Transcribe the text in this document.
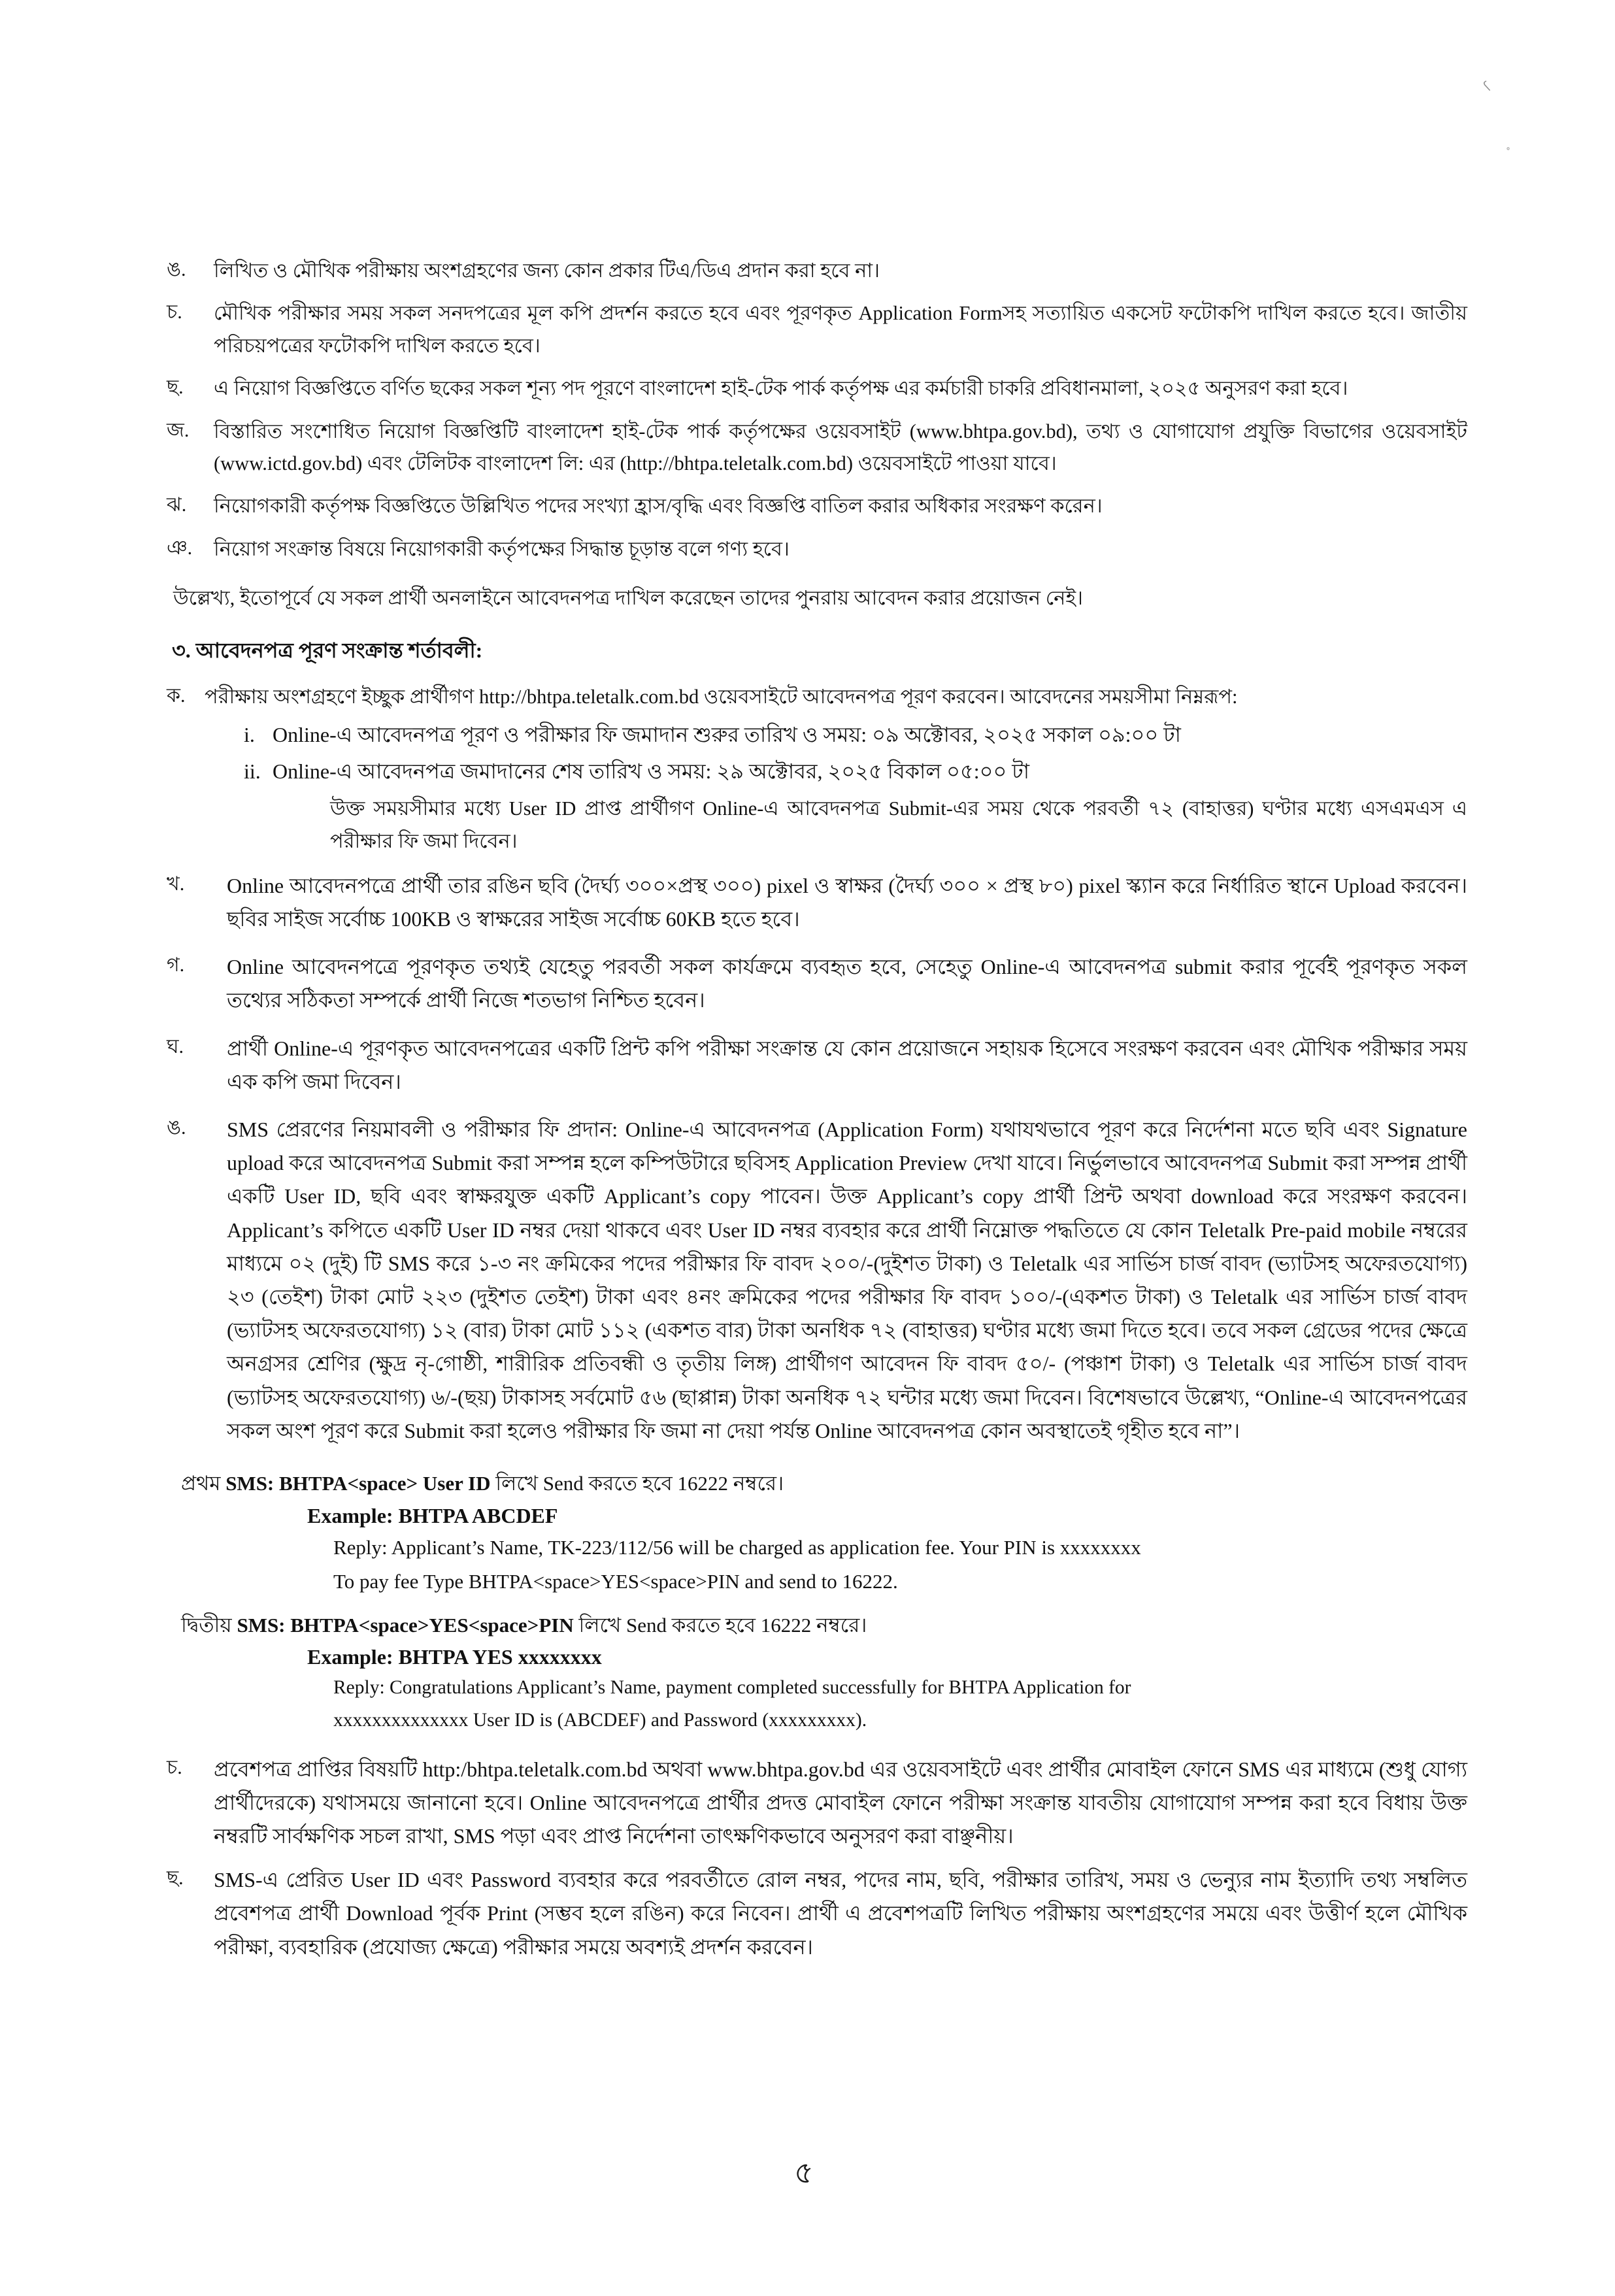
৻
৽
ঙ.	লিখিত ও মৌখিক পরীক্ষায় অংশগ্রহণের জন্য কোন প্রকার টিএ/ডিএ প্রদান করা হবে না।
চ.	মৌখিক পরীক্ষার সময় সকল সনদপত্রের মূল কপি প্রদর্শন করতে হবে এবং পূরণকৃত Application Formসহ সত্যায়িত একসেট ফটোকপি দাখিল করতে হবে। জাতীয় পরিচয়পত্রের ফটোকপি দাখিল করতে হবে।
ছ.	এ নিয়োগ বিজ্ঞপ্তিতে বর্ণিত ছকের সকল শূন্য পদ পূরণে বাংলাদেশ হাই-টেক পার্ক কর্তৃপক্ষ এর কর্মচারী চাকরি প্রবিধানমালা, ২০২৫ অনুসরণ করা হবে।
জ.	বিস্তারিত সংশোধিত নিয়োগ বিজ্ঞপ্তিটি বাংলাদেশ হাই-টেক পার্ক কর্তৃপক্ষের ওয়েবসাইট (www.bhtpa.gov.bd), তথ্য ও যোগাযোগ প্রযুক্তি বিভাগের ওয়েবসাইট (www.ictd.gov.bd) এবং টেলিটক বাংলাদেশ লি: এর (http://bhtpa.teletalk.com.bd) ওয়েবসাইটে পাওয়া যাবে।
ঝ.	নিয়োগকারী কর্তৃপক্ষ বিজ্ঞপ্তিতে উল্লিখিত পদের সংখ্যা হ্রাস/বৃদ্ধি এবং বিজ্ঞপ্তি বাতিল করার অধিকার সংরক্ষণ করেন।
ঞ.	নিয়োগ সংক্রান্ত বিষয়ে নিয়োগকারী কর্তৃপক্ষের সিদ্ধান্ত চূড়ান্ত বলে গণ্য হবে।
উল্লেখ্য, ইতোপূর্বে যে সকল প্রার্থী অনলাইনে আবেদনপত্র দাখিল করেছেন তাদের পুনরায় আবেদন করার প্রয়োজন নেই।
৩. আবেদনপত্র পূরণ সংক্রান্ত শর্তাবলী:
ক. পরীক্ষায় অংশগ্রহণে ইচ্ছুক প্রার্থীগণ http://bhtpa.teletalk.com.bd ওয়েবসাইটে আবেদনপত্র পূরণ করবেন। আবেদনের সময়সীমা নিম্নরূপ:
i. Online-এ আবেদনপত্র পূরণ ও পরীক্ষার ফি জমাদান শুরুর তারিখ ও সময়: ০৯ অক্টোবর, ২০২৫ সকাল ০৯:০০ টা
ii. Online-এ আবেদনপত্র জমাদানের শেষ তারিখ ও সময়: ২৯ অক্টোবর, ২০২৫ বিকাল ০৫:০০ টা
উক্ত সময়সীমার মধ্যে User ID প্রাপ্ত প্রার্থীগণ Online-এ আবেদনপত্র Submit-এর সময় থেকে পরবর্তী ৭২ (বাহাত্তর) ঘণ্টার মধ্যে এসএমএস এ পরীক্ষার ফি জমা দিবেন।
খ.	Online আবেদনপত্রে প্রার্থী তার রঙিন ছবি (দৈর্ঘ্য ৩০০×প্রস্থ ৩০০) pixel ও স্বাক্ষর (দৈর্ঘ্য ৩০০ × প্রস্থ ৮০) pixel স্ক্যান করে নির্ধারিত স্থানে Upload করবেন। ছবির সাইজ সর্বোচ্চ 100KB ও স্বাক্ষরের সাইজ সর্বোচ্চ 60KB হতে হবে।
গ.	Online আবেদনপত্রে পূরণকৃত তথ্যই যেহেতু পরবর্তী সকল কার্যক্রমে ব্যবহৃত হবে, সেহেতু Online-এ আবেদনপত্র submit করার পূর্বেই পূরণকৃত সকল তথ্যের সঠিকতা সম্পর্কে প্রার্থী নিজে শতভাগ নিশ্চিত হবেন।
ঘ.	প্রার্থী Online-এ পূরণকৃত আবেদনপত্রের একটি প্রিন্ট কপি পরীক্ষা সংক্রান্ত যে কোন প্রয়োজনে সহায়ক হিসেবে সংরক্ষণ করবেন এবং মৌখিক পরীক্ষার সময় এক কপি জমা দিবেন।
ঙ.	SMS প্রেরণের নিয়মাবলী ও পরীক্ষার ফি প্রদান: Online-এ আবেদনপত্র (Application Form) যথাযথভাবে পূরণ করে নির্দেশনা মতে ছবি এবং Signature upload করে আবেদনপত্র Submit করা সম্পন্ন হলে কম্পিউটারে ছবিসহ Application Preview দেখা যাবে। নির্ভুলভাবে আবেদনপত্র Submit করা সম্পন্ন প্রার্থী একটি User ID, ছবি এবং স্বাক্ষরযুক্ত একটি Applicant’s copy পাবেন। উক্ত Applicant’s copy প্রার্থী প্রিন্ট অথবা download করে সংরক্ষণ করবেন। Applicant’s কপিতে একটি User ID নম্বর দেয়া থাকবে এবং User ID নম্বর ব্যবহার করে প্রার্থী নিম্নোক্ত পদ্ধতিতে যে কোন Teletalk Pre-paid mobile নম্বরের মাধ্যমে ০২ (দুই) টি SMS করে ১-৩ নং ক্রমিকের পদের পরীক্ষার ফি বাবদ ২০০/-(দুইশত টাকা) ও Teletalk এর সার্ভিস চার্জ বাবদ (ভ্যাটসহ অফেরতযোগ্য) ২৩ (তেইশ) টাকা মোট ২২৩ (দুইশত তেইশ) টাকা এবং ৪নং ক্রমিকের পদের পরীক্ষার ফি বাবদ ১০০/-(একশত টাকা) ও Teletalk এর সার্ভিস চার্জ বাবদ (ভ্যাটসহ অফেরতযোগ্য) ১২ (বার) টাকা মোট ১১২ (একশত বার) টাকা অনধিক ৭২ (বাহাত্তর) ঘণ্টার মধ্যে জমা দিতে হবে। তবে সকল গ্রেডের পদের ক্ষেত্রে অনগ্রসর শ্রেণির (ক্ষুদ্র নৃ-গোষ্ঠী, শারীরিক প্রতিবন্ধী ও তৃতীয় লিঙ্গ) প্রার্থীগণ আবেদন ফি বাবদ ৫০/- (পঞ্চাশ টাকা) ও Teletalk এর সার্ভিস চার্জ বাবদ (ভ্যাটসহ অফেরতযোগ্য) ৬/-(ছয়) টাকাসহ সর্বমোট ৫৬ (ছাপ্পান্ন) টাকা অনধিক ৭২ ঘন্টার মধ্যে জমা দিবেন। বিশেষভাবে উল্লেখ্য, “Online-এ আবেদনপত্রের সকল অংশ পূরণ করে Submit করা হলেও পরীক্ষার ফি জমা না দেয়া পর্যন্ত Online আবেদনপত্র কোন অবস্থাতেই গৃহীত হবে না”।
প্রথম SMS: BHTPA<space> User ID লিখে Send করতে হবে 16222 নম্বরে।
Example: BHTPA ABCDEF
Reply: Applicant’s Name, TK-223/112/56 will be charged as application fee. Your PIN is xxxxxxxx
To pay fee Type BHTPA<space>YES<space>PIN and send to 16222.
দ্বিতীয় SMS: BHTPA<space>YES<space>PIN লিখে Send করতে হবে 16222 নম্বরে।
Example: BHTPA YES xxxxxxxx
Reply: Congratulations Applicant’s Name, payment completed successfully for BHTPA Application for
xxxxxxxxxxxxxx User ID is (ABCDEF) and Password (xxxxxxxxx).
চ.	প্রবেশপত্র প্রাপ্তির বিষয়টি http:/bhtpa.teletalk.com.bd অথবা www.bhtpa.gov.bd এর ওয়েবসাইটে এবং প্রার্থীর মোবাইল ফোনে SMS এর মাধ্যমে (শুধু যোগ্য প্রার্থীদেরকে) যথাসময়ে জানানো হবে। Online আবেদনপত্রে প্রার্থীর প্রদত্ত মোবাইল ফোনে পরীক্ষা সংক্রান্ত যাবতীয় যোগাযোগ সম্পন্ন করা হবে বিধায় উক্ত নম্বরটি সার্বক্ষণিক সচল রাখা, SMS পড়া এবং প্রাপ্ত নির্দেশনা তাৎক্ষণিকভাবে অনুসরণ করা বাঞ্ছনীয়।
ছ.	SMS-এ প্রেরিত User ID এবং Password ব্যবহার করে পরবর্তীতে রোল নম্বর, পদের নাম, ছবি, পরীক্ষার তারিখ, সময় ও ভেন্যুর নাম ইত্যাদি তথ্য সম্বলিত প্রবেশপত্র প্রার্থী Download পূর্বক Print (সম্ভব হলে রঙিন) করে নিবেন। প্রার্থী এ প্রবেশপত্রটি লিখিত পরীক্ষায় অংশগ্রহণের সময়ে এবং উত্তীর্ণ হলে মৌখিক পরীক্ষা, ব্যবহারিক (প্রযোজ্য ক্ষেত্রে) পরীক্ষার সময়ে অবশ্যই প্রদর্শন করবেন।
৫
